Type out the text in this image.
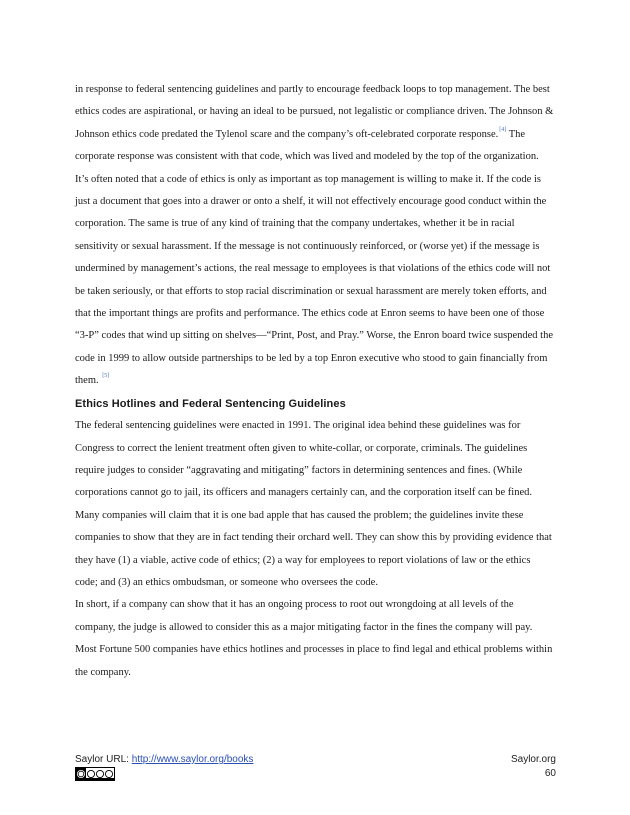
in response to federal sentencing guidelines and partly to encourage feedback loops to top management. The best ethics codes are aspirational, or having an ideal to be pursued, not legalistic or compliance driven. The Johnson & Johnson ethics code predated the Tylenol scare and the company’s oft-celebrated corporate response.[4] The corporate response was consistent with that code, which was lived and modeled by the top of the organization.

It’s often noted that a code of ethics is only as important as top management is willing to make it. If the code is just a document that goes into a drawer or onto a shelf, it will not effectively encourage good conduct within the corporation. The same is true of any kind of training that the company undertakes, whether it be in racial sensitivity or sexual harassment. If the message is not continuously reinforced, or (worse yet) if the message is undermined by management’s actions, the real message to employees is that violations of the ethics code will not be taken seriously, or that efforts to stop racial discrimination or sexual harassment are merely token efforts, and that the important things are profits and performance. The ethics code at Enron seems to have been one of those “3-P” codes that wind up sitting on shelves—“Print, Post, and Pray.” Worse, the Enron board twice suspended the code in 1999 to allow outside partnerships to be led by a top Enron executive who stood to gain financially from them. [5]

Ethics Hotlines and Federal Sentencing Guidelines

The federal sentencing guidelines were enacted in 1991. The original idea behind these guidelines was for Congress to correct the lenient treatment often given to white-collar, or corporate, criminals. The guidelines require judges to consider “aggravating and mitigating” factors in determining sentences and fines. (While corporations cannot go to jail, its officers and managers certainly can, and the corporation itself can be fined. Many companies will claim that it is one bad apple that has caused the problem; the guidelines invite these companies to show that they are in fact tending their orchard well. They can show this by providing evidence that they have (1) a viable, active code of ethics; (2) a way for employees to report violations of law or the ethics code; and (3) an ethics ombudsman, or someone who oversees the code.

In short, if a company can show that it has an ongoing process to root out wrongdoing at all levels of the company, the judge is allowed to consider this as a major mitigating factor in the fines the company will pay. Most Fortune 500 companies have ethics hotlines and processes in place to find legal and ethical problems within the company.

Saylor URL: http://www.saylor.org/books	Saylor.org
60
